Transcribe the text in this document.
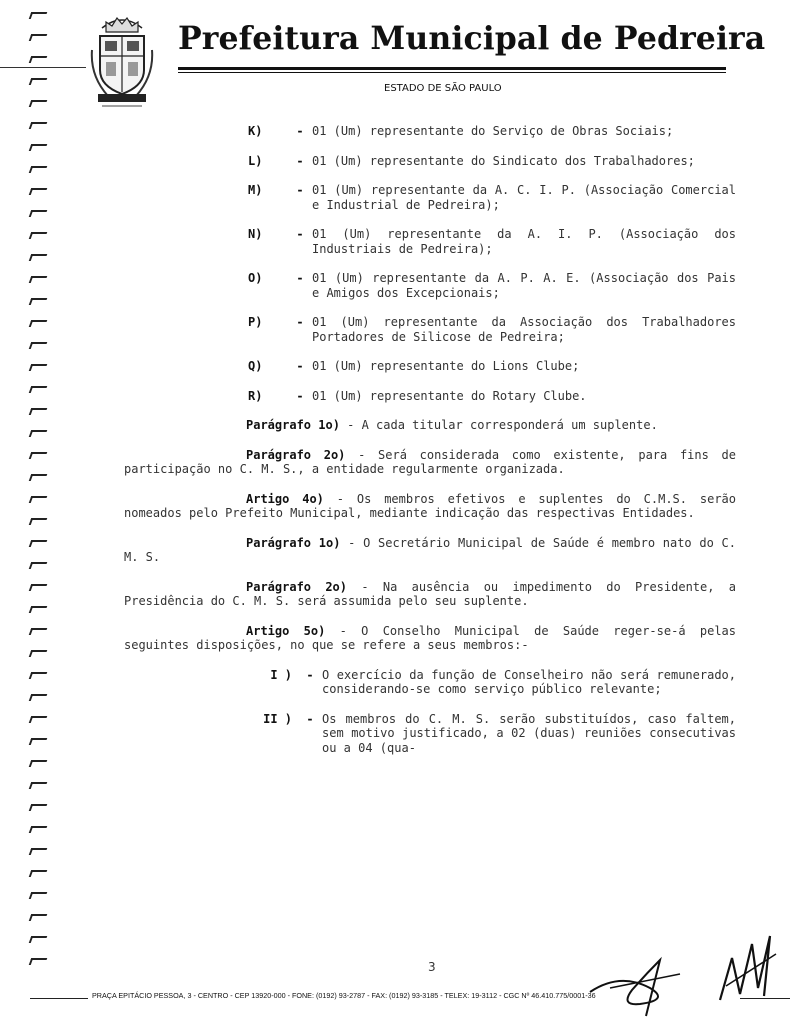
Prefeitura Municipal de Pedreira
ESTADO DE SÃO PAULO
K)	- 01 (Um) representante do Serviço de Obras Sociais;
L)	- 01 (Um) representante do Sindicato dos Trabalhadores;
M)	- 01 (Um) representante da A. C. I. P. (Associação Comercial e Industrial de Pedreira);
N)	- 01 (Um) representante da A. I. P. (Associação dos Industriais de Pedreira);
O)	- 01 (Um) representante da A. P. A. E. (Associação dos Pais e Amigos dos Excepcionais;
P)	- 01 (Um) representante da Associação dos Trabalhadores Portadores de Silicose de Pedreira;
Q)	- 01 (Um) representante do Lions Clube;
R)	- 01 (Um) representante do Rotary Clube.

Parágrafo 1o) - A cada titular corresponderá um suplente.

Parágrafo 2o) - Será considerada como existente, para fins de participação no C. M. S., a entidade regularmente organizada.

Artigo 4o) - Os membros efetivos e suplentes do C.M.S. serão nomeados pelo Prefeito Municipal, mediante indicação das respectivas Entidades.

Parágrafo 1o) - O Secretário Municipal de Saúde é membro nato do C. M. S.

Parágrafo 2o) - Na ausência ou impedimento do Presidente, a Presidência do C. M. S. será assumida pelo seu suplente.

Artigo 5o) - O Conselho Municipal de Saúde reger-se-á pelas seguintes disposições, no que se refere a seus membros:-

I )	- O exercício da função de Conselheiro não será remunerado, considerando-se como serviço público relevante;
II )	- Os membros do C. M. S. serão substituídos, caso faltem, sem motivo justificado, a 02 (duas) reuniões consecutivas ou a 04 (qua-
3
PRAÇA EPITÁCIO PESSOA, 3 - CENTRO - CEP 13920-000 - FONE: (0192) 93-2787 - FAX: (0192) 93-3185 - TELEX: 19-3112 - CGC Nº 46.410.775/0001-36
